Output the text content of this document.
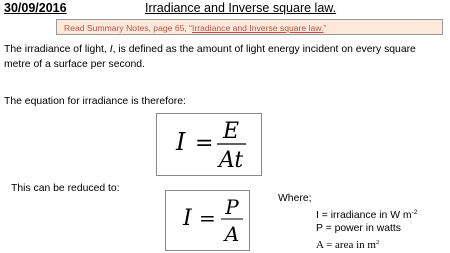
30/09/2016	Irradiance and Inverse square law.
Read Summary Notes, page 65, “Irradiance and Inverse square law.”
The irradiance of light, I, is defined as the amount of light energy incident on every square metre of a surface per second.
The equation for irradiance is therefore:
I = E
At
This can be reduced to:
I = P
A
Where;
I = irradiance in W $m^{-2}$
P = power in watts
A = area in $m^2$
